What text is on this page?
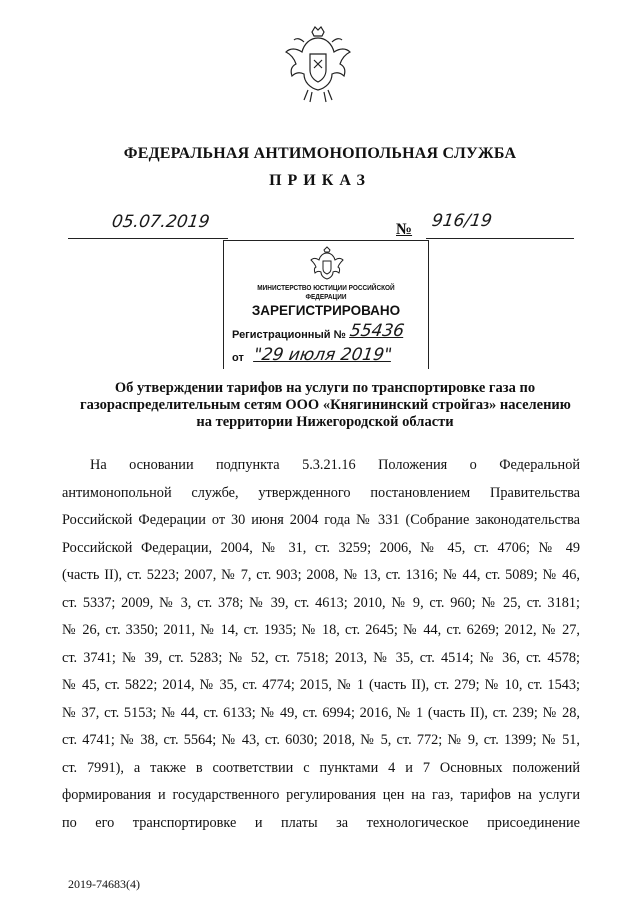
ФЕДЕРАЛЬНАЯ АНТИМОНОПОЛЬНАЯ СЛУЖБА
ПРИКАЗ
05.07.2019	№ 916/19
МИНИСТЕРСТВО ЮСТИЦИИ РОССИЙСКОЙ ФЕДЕРАЦИИ
ЗАРЕГИСТРИРОВАНО
Регистрационный № 55436
от "29 июля 2019"
Об утверждении тарифов на услуги по транспортировке газа по
газораспределительным сетям ООО «Княгининский стройгаз» населению
на территории Нижегородской области
На основании подпункта 5.3.21.16 Положения о Федеральной
антимонопольной службе, утвержденного постановлением Правительства
Российской Федерации от 30 июня 2004 года № 331 (Собрание законодательства
Российской Федерации, 2004, № 31, ст. 3259; 2006, № 45, ст. 4706; № 49
(часть II), ст. 5223; 2007, № 7, ст. 903; 2008, № 13, ст. 1316; № 44, ст. 5089; № 46,
ст. 5337; 2009, № 3, ст. 378; № 39, ст. 4613; 2010, № 9, ст. 960; № 25, ст. 3181;
№ 26, ст. 3350; 2011, № 14, ст. 1935; № 18, ст. 2645; № 44, ст. 6269; 2012, № 27,
ст. 3741; № 39, ст. 5283; № 52, ст. 7518; 2013, № 35, ст. 4514; № 36, ст. 4578;
№ 45, ст. 5822; 2014, № 35, ст. 4774; 2015, № 1 (часть II), ст. 279; № 10, ст. 1543;
№ 37, ст. 5153; № 44, ст. 6133; № 49, ст. 6994; 2016, № 1 (часть II), ст. 239; № 28,
ст. 4741; № 38, ст. 5564; № 43, ст. 6030; 2018, № 5, ст. 772; № 9, ст. 1399; № 51,
ст. 7991), а также в соответствии с пунктами 4 и 7 Основных положений
формирования и государственного регулирования цен на газ, тарифов на услуги
по его транспортировке и платы за технологическое присоединение
2019-74683(4)
